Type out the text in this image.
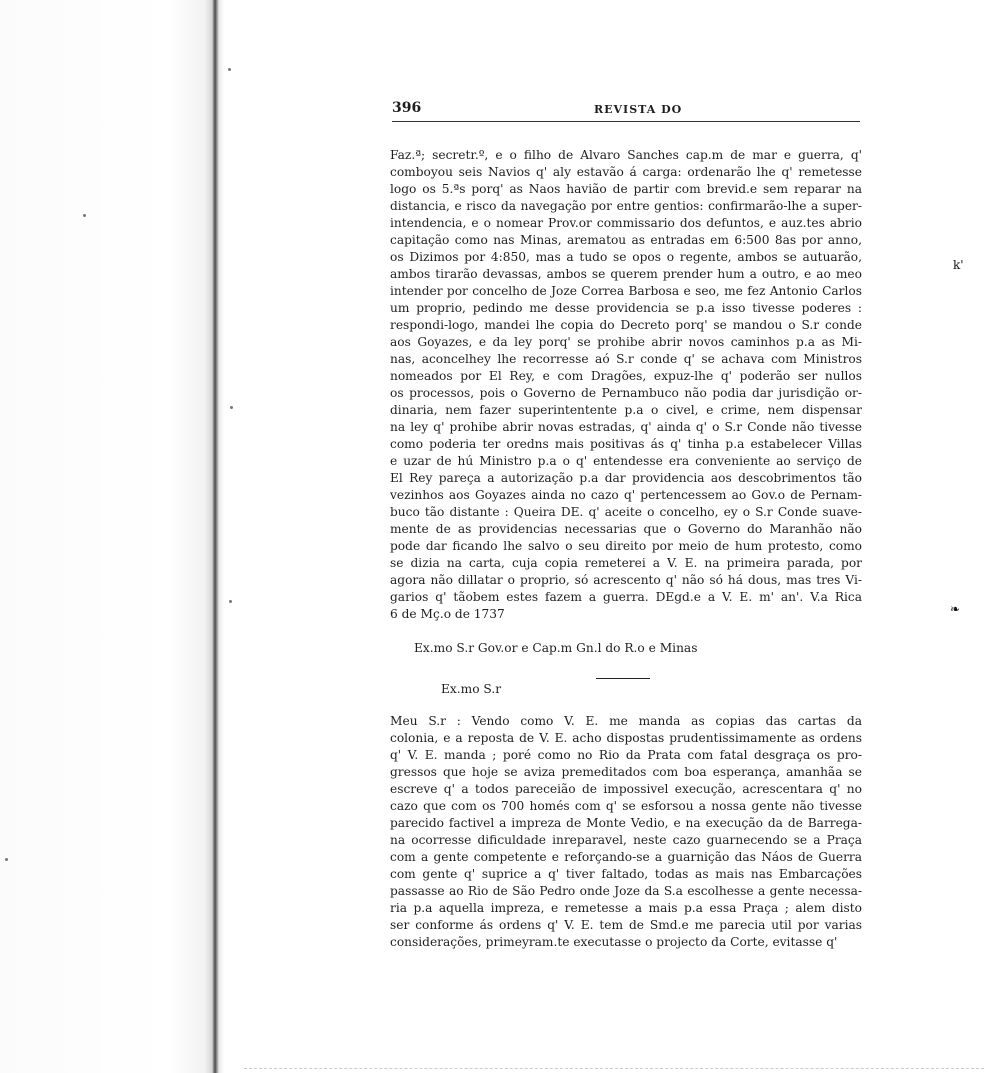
396	REVISTA DO
Faz.ª; secretr.º, e o filho de Alvaro Sanches cap.m de mar e guerra, q'
comboyou seis Navios q' aly estavão á carga: ordenarão lhe q' remetesse
logo os 5.ªs porq' as Naos havião de partir com brevid.e sem reparar na
distancia, e risco da navegação por entre gentios: confirmarão-lhe a super-
intendencia, e o nomear Prov.or commissario dos defuntos, e auz.tes abrio
capitação como nas Minas, arematou as entradas em 6:500 8as por anno,
os Dizimos por 4:850, mas a tudo se opos o regente, ambos se autuarão,
ambos tirarão devassas, ambos se querem prender hum a outro, e ao meo
intender por concelho de Joze Correa Barbosa e seo, me fez Antonio Carlos
um proprio, pedindo me desse providencia se p.a isso tivesse poderes :
respondi-logo, mandei lhe copia do Decreto porq' se mandou o S.r conde
aos Goyazes, e da ley porq' se prohibe abrir novos caminhos p.a as Mi-
nas, aconcelhey lhe recorresse aó S.r conde q' se achava com Ministros
nomeados por El Rey, e com Dragões, expuz-lhe q' poderão ser nullos
os processos, pois o Governo de Pernambuco não podia dar jurisdição or-
dinaria, nem fazer superintentente p.a o civel, e crime, nem dispensar
na ley q' prohibe abrir novas estradas, q' ainda q' o S.r Conde não tivesse
como poderia ter oredns mais positivas ás q' tinha p.a estabelecer Villas
e uzar de hú Ministro p.a o q' entendesse era conveniente ao serviço de
El Rey pareça a autorização p.a dar providencia aos descobrimentos tão
vezinhos aos Goyazes ainda no cazo q' pertencessem ao Gov.o de Pernam-
buco tão distante : Queira DE. q' aceite o concelho, ey o S.r Conde suave-
mente de as providencias necessarias que o Governo do Maranhão não
pode dar ficando lhe salvo o seu direito por meio de hum protesto, como
se dizia na carta, cuja copia remeterei a V. E. na primeira parada, por
agora não dillatar o proprio, só acrescento q' não só há dous, mas tres Vi-
garios q' tãobem estes fazem a guerra. DEgd.e a V. E. m' an'. V.a Rica
6 de Mç.o de 1737
Ex.mo S.r Gov.or e Cap.m Gn.l do R.o e Minas
Ex.mo S.r
Meu S.r : Vendo como V. E. me manda as copias das cartas da
colonia, e a reposta de V. E. acho dispostas prudentissimamente as ordens
q' V. E. manda ; poré como no Rio da Prata com fatal desgraça os pro-
gressos que hoje se aviza premeditados com boa esperança, amanhãa se
escreve q' a todos pareceião de impossivel execução, acrescentara q' no
cazo que com os 700 homés com q' se esforsou a nossa gente não tivesse
parecido factivel a impreza de Monte Vedio, e na execução da de Barrega-
na ocorresse dificuldade inreparavel, neste cazo guarnecendo se a Praça
com a gente competente e reforçando-se a guarnição das Náos de Guerra
com gente q' suprice a q' tiver faltado, todas as mais nas Embarcações
passasse ao Rio de São Pedro onde Joze da S.a escolhesse a gente necessa-
ria p.a aquella impreza, e remetesse a mais p.a essa Praça ; alem disto
ser conforme ás ordens q' V. E. tem de Smd.e me parecia util por varias
considerações, primeyram.te executasse o projecto da Corte, evitasse q'
k'
❧
